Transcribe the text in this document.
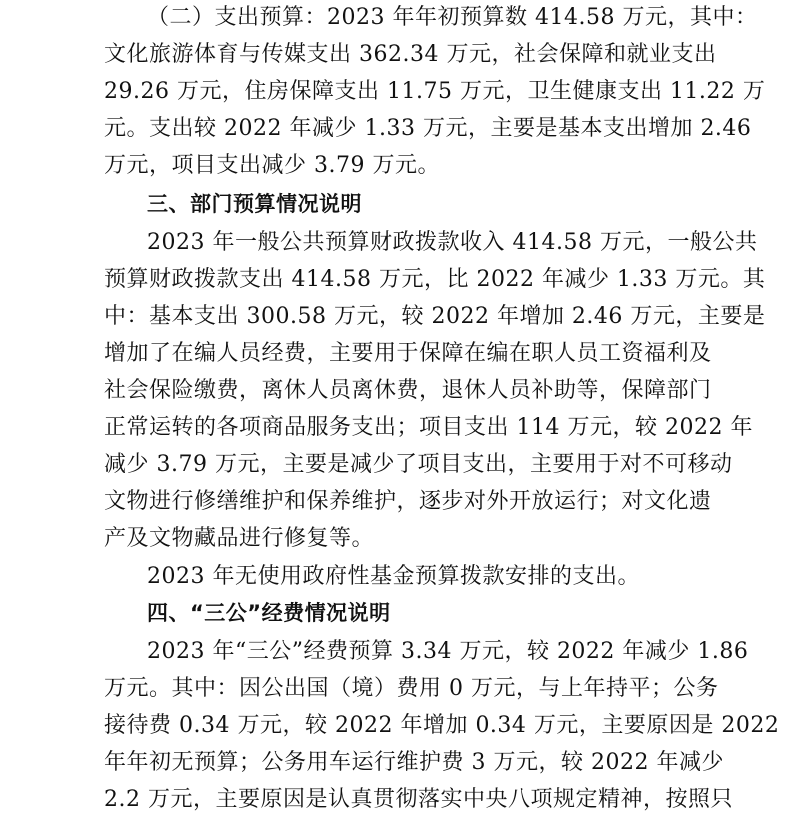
（二）支出预算：2023 年年初预算数 414.58 万元，其中：
文化旅游体育与传媒支出 362.34 万元，社会保障和就业支出
29.26 万元，住房保障支出 11.75 万元，卫生健康支出 11.22 万
元。支出较 2022 年减少 1.33 万元，主要是基本支出增加 2.46
万元，项目支出减少 3.79 万元。
三、部门预算情况说明
2023 年一般公共预算财政拨款收入 414.58 万元，一般公共
预算财政拨款支出 414.58 万元，比 2022 年减少 1.33 万元。其
中：基本支出 300.58 万元，较 2022 年增加 2.46 万元，主要是
增加了在编人员经费，主要用于保障在编在职人员工资福利及
社会保险缴费，离休人员离休费，退休人员补助等，保障部门
正常运转的各项商品服务支出；项目支出 114 万元，较 2022 年
减少 3.79 万元，主要是减少了项目支出，主要用于对不可移动
文物进行修缮维护和保养维护，逐步对外开放运行；对文化遗
产及文物藏品进行修复等。
2023 年无使用政府性基金预算拨款安排的支出。
四、“三公”经费情况说明
2023 年“三公”经费预算 3.34 万元，较 2022 年减少 1.86
万元。其中：因公出国（境）费用 0 万元，与上年持平；公务
接待费 0.34 万元，较 2022 年增加 0.34 万元，主要原因是 2022
年年初无预算；公务用车运行维护费 3 万元，较 2022 年减少
2.2 万元，主要原因是认真贯彻落实中央八项规定精神，按照只
